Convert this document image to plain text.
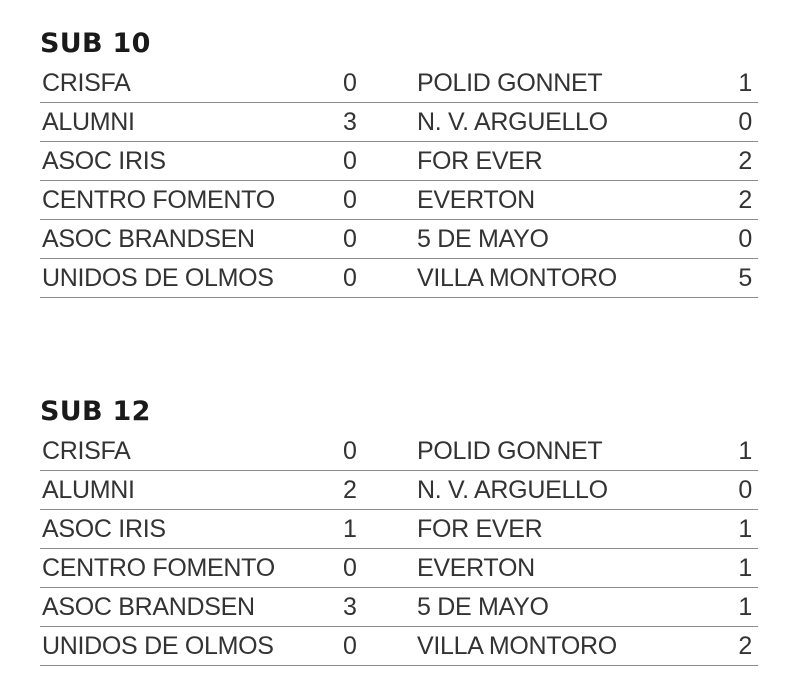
SUB 10
CRISFA	0 POLID GONNET	1
ALUMNI	3 N. V. ARGUELLO	0
ASOC IRIS	0 FOR EVER	2
CENTRO FOMENTO	0 EVERTON	2
ASOC BRANDSEN	0 5 DE MAYO	0
UNIDOS DE OLMOS	0 VILLA MONTORO	5
SUB 12
CRISFA	0 POLID GONNET	1
ALUMNI	2 N. V. ARGUELLO	0
ASOC IRIS	1 FOR EVER	1
CENTRO FOMENTO	0 EVERTON	1
ASOC BRANDSEN	3 5 DE MAYO	1
UNIDOS DE OLMOS	0 VILLA MONTORO	2
